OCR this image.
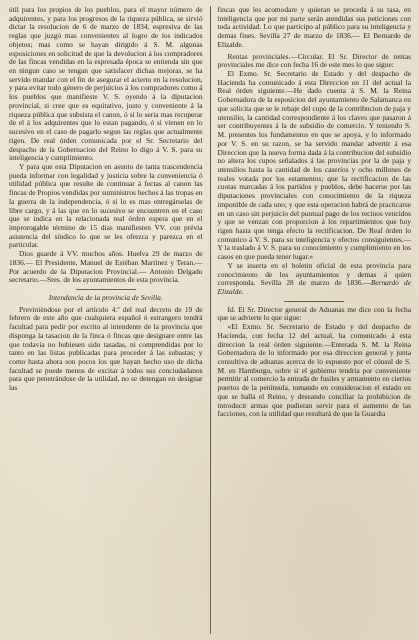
útil para los propios de los pueblos, para el mayor número de adquirentes, y para los progresos de la riqueza pública, se sirvió dictar la resolucion de 6 de marzo de 1834, espresiva de las reglas que juzgó mas convenientes al logro de los indicados objetos; mas como se hayan dirigido á S. M. algunas esposiciones en solicitud de que la devolucion á los compradores de las fincas vendidas en la espresada época se entienda sin que en ningun caso se tengan que satisfacer dichas mejoras, se ha servido mandar con el fin de asegurar el acierto en la resolucion, y para evitar todo género de perjuicios á los compradores como á los pueblos que manifieste V. S. oyendo á la diputacion provincial, si cree que es equitativo, justo y conveniente á la riqueza pública que subsista el canon, ó si lo seria mas recuperar de el á los adquirentes que lo estan pagando, ó si vienen en lo sucesivo en el caso de pagarlo segun las reglas que actualmente rigen. De real órden comunicada por el Sr. Secretario del despacho de la Gobernacion del Reino lo digo á V. S. para su inteligencia y cumplimiento.

Y para que esta Diputacion en asunto de tanta trascendencia pueda informar con legalidad y justicia sobre la conveniencia ó utilidad pública que resulte de continuar á fectas al canon las fincas de Propios vendidas por suministros hechos á las tropas en la guerra de la independencia, ó si lo es mas entregárselas de libre cargo, y á las que en lo sucesivo se encuentren en el caso que se indica en la relacionada real órden espera que en el improrogable término de 15 dias manifiesten VV. con prévia asistencia del síndico lo que se les ofrezca y parezca en el particular.

Dios guarde á VV. muchos años. Huelva 29 de marzo de 1836.— El Presidente, Manuel de Estéban Martinez y Teran.— Por acuerdo de la Diputacion Provincial.— Antonio Delgado secretario.—Sres. de los ayuntamientos de esta provincia.

Intendencia de la provincia de Sevilla.

Previnièndose por el artículo 4.º del real decreto de 19 de febrero de este año que cualquiera español ó estrangero tendrá facultad para pedir por escrito al intendente de la provincia que disponga la tasacion de la finca ó fincas que designare entre las que todavía no hubiesen sido tasadas, ni comprendidas por lo tanto en las listas publicadas para proceder á las subastas; y como hasta ahora son pocos los que hayan hecho uso de dicha facultad se puede menos de excitar á todos sus conciudadanos para que penetrándose de la utilidad, no se detengan en designar las

fincas que les acomodare y quieran se proceda á su tasa, en inteligencia que por mi parte serán atendidas sus peticiones con toda actividad. Lo que participo al público para su inteligencia y demas fines. Sevilla 27 de marzo de 1836.— El Bernardo de Elizalde.

Rentas provinciales.—Circular. El Sr. Director de rentas provinciales me dice con fecha 16 de este mes lo que sigue:

El Exmo. Sr. Secretario de Estado y del despacho de Hacienda ha comunicado á esta Direccion en 11 del actual la Real órden siguiente.—He dado cuenta á S. M. la Reina Gobernadora de la esposicion del ayuntamiento de Salamanca en que solicita que se le rebaje del cupo de la contribucion de paja y utensilio, la cantidad correspondiente á los claves que pasaron á ser contribuyentes á la de subsidio de comercio. Y teniendo S. M. presentes los fundamentos en que se apoya, y lo informado por V. S. en su razon, se ha servido mandar advertir á esa Direccion que la nueva forma dada á la contribucion del subsidio no altera los cupos señalados á las provincias por la de paja y utensilios hasta la cantidad de los caseríos y ocho millones de reales votada por los estamentos; que la rectificacion de las cuotas marcadas á los partidos y pueblos, debe hacerse por las diputaciones provinciales con conocimiento de la riqueza imponible de cada uno; y que esta operacion habrá de practicarse en un caso sin perjuicio del puntual pago de los recinos vencidos y que se venzan con proporcion á los repartimientos que hoy rigen hasta que tenga efecto la rectificacion. De Real órden lo comunico á V. S. para su inteligencia y efectos consiguientes.—Y la traslado á V. S. para su conocimiento y cumplimiento en los casos en que pueda tener lugar.»

Y se inserta en el boletin oficial de esta provincia para conocimiento de los ayuntamientos y demas á quien corresponda. Sevilla 28 de marzo de 1836.—Bernardo de Elizalde.

Id. El Sr. Director general de Aduanas me dice con la fecha que se advierte lo que sigue:

«El Exmo. Sr. Secretario de Estado y del despacho de Hacienda, con fecha 12 del actual, ha comunicado á esta direccion la real órden siguiente.—Enterada S. M. la Reina Gobernadora de lo informado por esa direccion general y junta consultiva de aduanas acerca de lo espuesto por el cónsul de S. M. en Hamburgo, sobre si el gobierno tendria por conveniente permitir al comercio la entrada de fusiles y armamento en ciertos puertos de la península, tomando en consideracion el estado en que se halla el Reino, y deseando conciliar la prohibicion de introducir armas que pudieran servir para el aumento de las facciones, con la utilidad que resultará de que la Guardia
